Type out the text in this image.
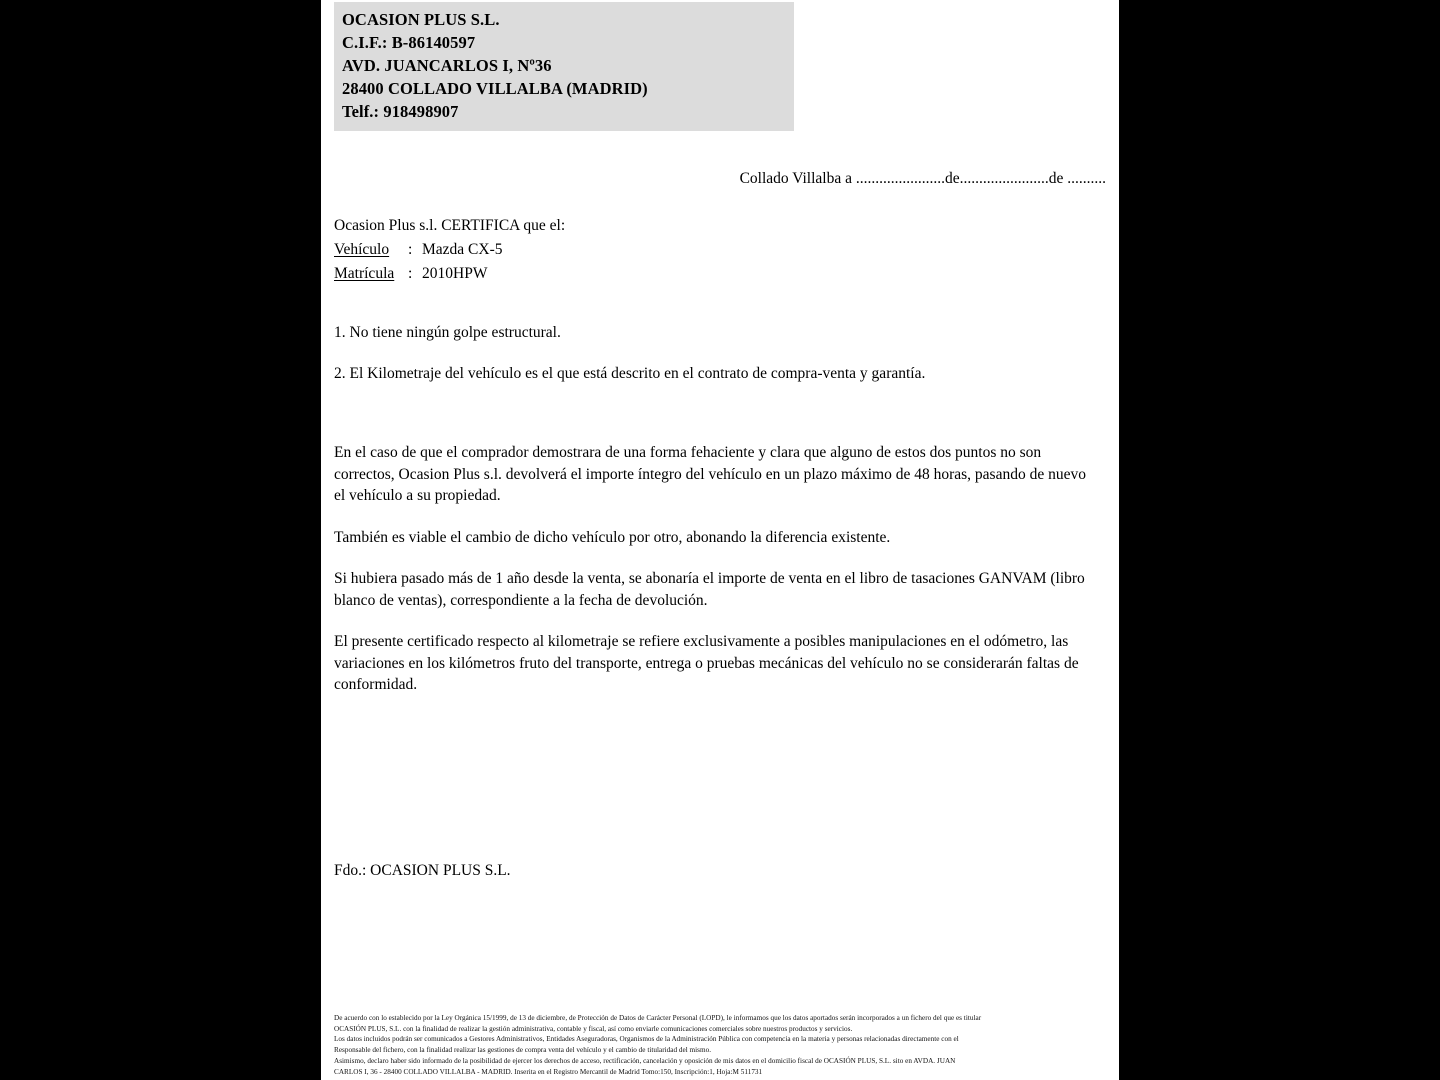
OCASION PLUS S.L.
C.I.F.: B-86140597
AVD. JUANCARLOS I, Nº36
28400 COLLADO VILLALBA (MADRID)
Telf.: 918498907
Collado Villalba a .......................de.......................de ..........
Ocasion Plus s.l. CERTIFICA que el:
Vehículo : Mazda CX-5
Matrícula : 2010HPW
1. No tiene ningún golpe estructural.
2. El Kilometraje del vehículo es el que está descrito en el contrato de compra-venta y garantía.

En el caso de que el comprador demostrara de una forma fehaciente y clara que alguno de estos dos puntos no son correctos, Ocasion Plus s.l. devolverá el importe íntegro del vehículo en un plazo máximo de 48 horas, pasando de nuevo el vehículo a su propiedad.

También es viable el cambio de dicho vehículo por otro, abonando la diferencia existente.

Si hubiera pasado más de 1 año desde la venta, se abonaría el importe de venta en el libro de tasaciones GANVAM (libro blanco de ventas), correspondiente a la fecha de devolución.

El presente certificado respecto al kilometraje se refiere exclusivamente a posibles manipulaciones en el odómetro, las variaciones en los kilómetros fruto del transporte, entrega o pruebas mecánicas del vehículo no se considerarán faltas de conformidad.

Fdo.: OCASION PLUS S.L.
De acuerdo con lo establecido por la Ley Orgánica 15/1999, de 13 de diciembre, de Protección de Datos de Carácter Personal (LOPD), le informamos que los datos aportados serán incorporados a un fichero del que es titular
OCASIÓN PLUS, S.L. con la finalidad de realizar la gestión administrativa, contable y fiscal, así como enviarle comunicaciones comerciales sobre nuestros productos y servicios.
Los datos incluidos podrán ser comunicados a Gestores Administrativos, Entidades Aseguradoras, Organismos de la Administración Pública con competencia en la materia y personas relacionadas directamente con el
Responsable del fichero, con la finalidad realizar las gestiones de compra venta del vehículo y el cambio de titularidad del mismo.
Asimismo, declaro haber sido informado de la posibilidad de ejercer los derechos de acceso, rectificación, cancelación y oposición de mis datos en el domicilio fiscal de OCASIÓN PLUS, S.L. sito en AVDA. JUAN
CARLOS I, 36 - 28400 COLLADO VILLALBA - MADRID. Inserita en el Registro Mercantil de Madrid Tomo:150, Inscripción:1, Hoja:M 511731
